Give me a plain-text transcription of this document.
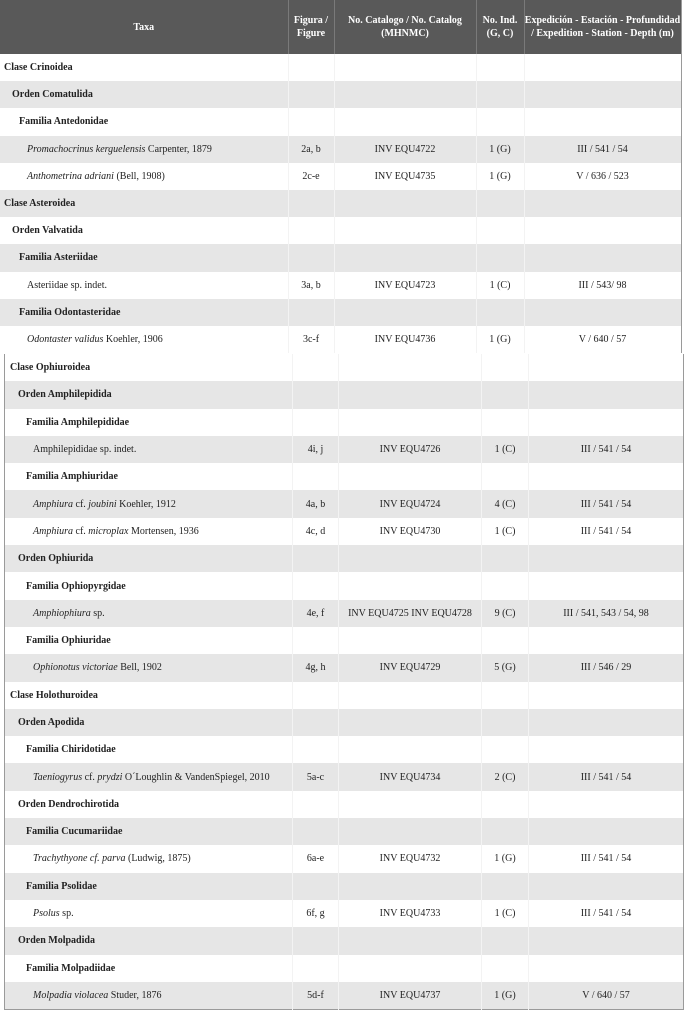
Taxa	Figura / Figure	No. Catalogo / No. Catalog (MHNMC)	No. Ind. (G, C)	Expedición - Estación - Profundidad / Expedition - Station - Depth (m)
Clase Crinoidea				
Orden Comatulida				
Familia Antedonidae				
Promachocrinus kerguelensis Carpenter, 1879	2a, b	INV EQU4722	1 (G)	III / 541 / 54
Anthometrina adriani (Bell, 1908)	2c-e	INV EQU4735	1 (G)	V / 636 / 523
Clase Asteroidea				
Orden Valvatida				
Familia Asteriidae				
Asteriidae sp. indet.	3a, b	INV EQU4723	1 (C)	III / 543/ 98
Familia Odontasteridae				
Odontaster validus Koehler, 1906	3c-f	INV EQU4736	1 (G)	V / 640 / 57
Clase Ophiuroidea				
Orden Amphilepidida				
Familia Amphilepididae				
Amphilepididae sp. indet.	4i, j	INV EQU4726	1 (C)	III / 541 / 54
Familia Amphiuridae				
Amphiura cf. joubini Koehler, 1912	4a, b	INV EQU4724	4 (C)	III / 541 / 54
Amphiura cf. microplax Mortensen, 1936	4c, d	INV EQU4730	1 (C)	III / 541 / 54
Orden Ophiurida				
Familia Ophiopyrgidae				
Amphiophiura sp.	4e, f	INV EQU4725 INV EQU4728	9 (C)	III / 541, 543 / 54, 98
Familia Ophiuridae				
Ophionotus victoriae Bell, 1902	4g, h	INV EQU4729	5 (G)	III / 546 / 29
Clase Holothuroidea				
Orden Apodida				
Familia Chiridotidae				
Taeniogyrus cf. prydzi O´Loughlin & VandenSpiegel, 2010	5a-c	INV EQU4734	2 (C)	III / 541 / 54
Orden Dendrochirotida				
Familia Cucumariidae				
Trachythyone cf. parva (Ludwig, 1875)	6a-e	INV EQU4732	1 (G)	III / 541 / 54
Familia Psolidae				
Psolus sp.	6f, g	INV EQU4733	1 (C)	III / 541 / 54
Orden Molpadida				
Familia Molpadiidae				
Molpadia violacea Studer, 1876	5d-f	INV EQU4737	1 (G)	V / 640 / 57
